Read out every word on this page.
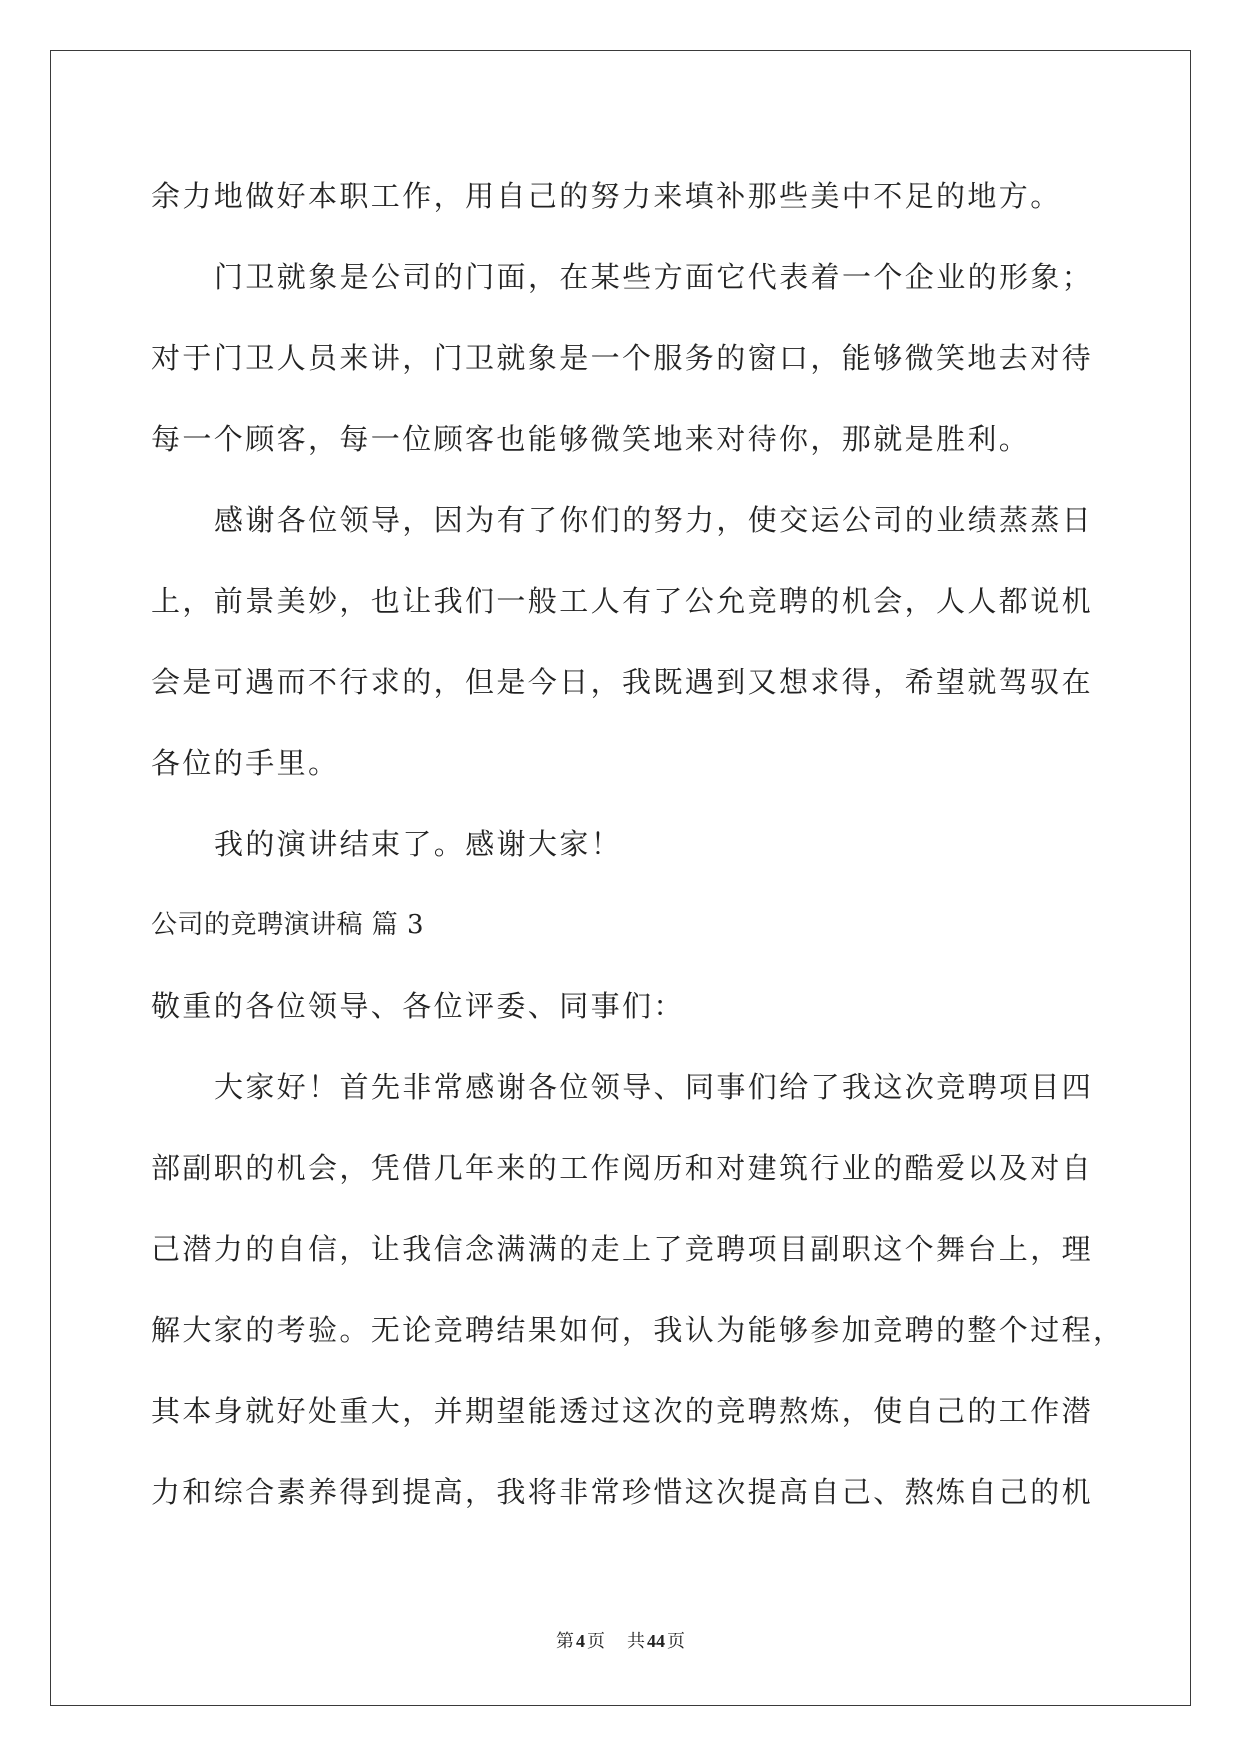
余力地做好本职工作，用自己的努力来填补那些美中不足的地方。
门卫就象是公司的门面，在某些方面它代表着一个企业的形象；
对于门卫人员来讲，门卫就象是一个服务的窗口，能够微笑地去对待
每一个顾客，每一位顾客也能够微笑地来对待你，那就是胜利。
感谢各位领导，因为有了你们的努力，使交运公司的业绩蒸蒸日
上，前景美妙，也让我们一般工人有了公允竞聘的机会，人人都说机
会是可遇而不行求的，但是今日，我既遇到又想求得，希望就驾驭在
各位的手里。
我的演讲结束了。感谢大家！
公司的竞聘演讲稿 篇 3
敬重的各位领导、各位评委、同事们：
大家好！首先非常感谢各位领导、同事们给了我这次竞聘项目四
部副职的机会，凭借几年来的工作阅历和对建筑行业的酷爱以及对自
己潜力的自信，让我信念满满的走上了竞聘项目副职这个舞台上，理
解大家的考验。无论竞聘结果如何，我认为能够参加竞聘的整个过程，
其本身就好处重大，并期望能透过这次的竞聘熬炼，使自己的工作潜
力和综合素养得到提高，我将非常珍惜这次提高自己、熬炼自己的机
第 4 页 共 44 页
